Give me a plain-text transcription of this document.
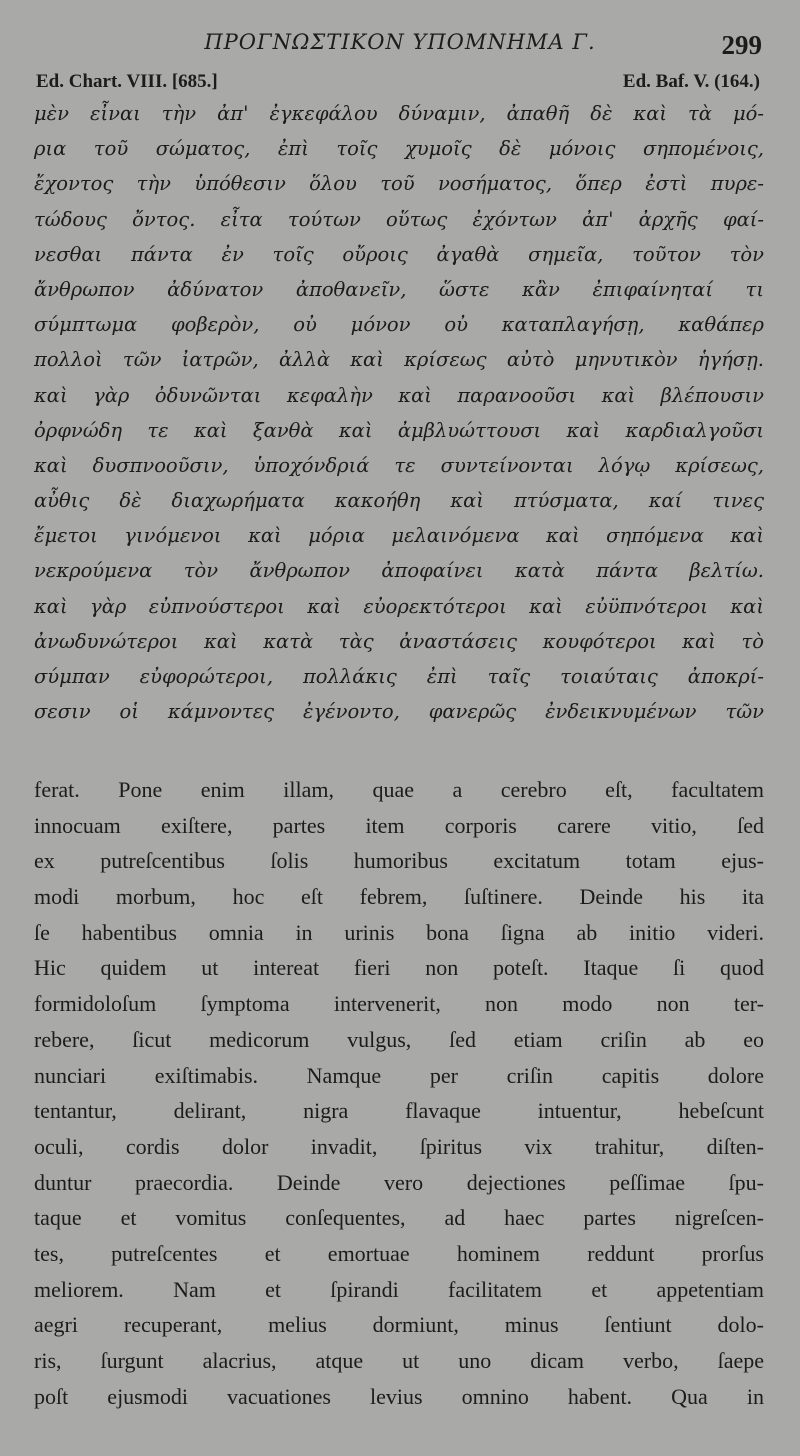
ΠΡΟΓΝΩΣΤΙΚΟΝ ΥΠΟΜΝΗΜΑ Γ.	299
Ed. Chart. VIII. [685.]	Ed. Baf. V. (164.)
μὲν εἶναι τὴν ἀπ' ἐγκεφάλου δύναμιν, ἀπαθῆ δὲ καὶ τὰ μό-
ρια τοῦ σώματος, ἐπὶ τοῖς χυμοῖς δὲ μόνοις σηπομένοις,
ἔχοντος τὴν ὑπόθεσιν ὅλου τοῦ νοσήματος, ὅπερ ἐστὶ πυρε-
τώδους ὄντος. εἶτα τούτων οὕτως ἐχόντων ἀπ' ἀρχῆς φαί-
νεσθαι πάντα ἐν τοῖς οὔροις ἀγαθὰ σημεῖα, τοῦτον τὸν
ἄνθρωπον ἀδύνατον ἀποθανεῖν, ὥστε κἂν ἐπιφαίνηταί τι
σύμπτωμα φοβερὸν, οὐ μόνον οὐ καταπλαγήσῃ, καθάπερ
πολλοὶ τῶν ἰατρῶν, ἀλλὰ καὶ κρίσεως αὐτὸ μηνυτικὸν ἡγήσῃ.
καὶ γὰρ ὀδυνῶνται κεφαλὴν καὶ παρανοοῦσι καὶ βλέπουσιν
ὀρφνώδη τε καὶ ξανθὰ καὶ ἀμβλυώττουσι καὶ καρδιαλγοῦσι
καὶ δυσπνοοῦσιν, ὑποχόνδριά τε συντείνονται λόγῳ κρίσεως,
αὖθις δὲ διαχωρήματα κακοήθη καὶ πτύσματα, καί τινες
ἔμετοι γινόμενοι καὶ μόρια μελαινόμενα καὶ σηπόμενα καὶ
νεκρούμενα τὸν ἄνθρωπον ἀποφαίνει κατὰ πάντα βελτίω.
καὶ γὰρ εὐπνούστεροι καὶ εὐορεκτότεροι καὶ εὐϋπνότεροι καὶ
ἀνωδυνώτεροι καὶ κατὰ τὰς ἀναστάσεις κουφότεροι καὶ τὸ
σύμπαν εὐφορώτεροι, πολλάκις ἐπὶ ταῖς τοιαύταις ἀποκρί-
σεσιν οἱ κάμνοντες ἐγένοντο, φανερῶς ἐνδεικνυμένων τῶν
ferat. Pone enim illam, quae a cerebro eſt, facultatem
innocuam exiſtere, partes item corporis carere vitio, ſed
ex putreſcentibus ſolis humoribus excitatum totam ejus-
modi morbum, hoc eſt febrem, ſuſtinere. Deinde his ita
ſe habentibus omnia in urinis bona ſigna ab initio videri.
Hic quidem ut intereat fieri non poteſt. Itaque ſi quod
formidoloſum ſymptoma intervenerit, non modo non ter-
rebere, ſicut medicorum vulgus, ſed etiam criſin ab eo
nunciari exiſtimabis. Namque per criſin capitis dolore
tentantur, delirant, nigra flavaque intuentur, hebeſcunt
oculi, cordis dolor invadit, ſpiritus vix trahitur, diſten-
duntur praecordia. Deinde vero dejectiones peſſimae ſpu-
taque et vomitus conſequentes, ad haec partes nigreſcen-
tes, putreſcentes et emortuae hominem reddunt prorſus
meliorem. Nam et ſpirandi facilitatem et appetentiam
aegri recuperant, melius dormiunt, minus ſentiunt dolo-
ris, ſurgunt alacrius, atque ut uno dicam verbo, ſaepe
poſt ejusmodi vacuationes levius omnino habent. Qua in
